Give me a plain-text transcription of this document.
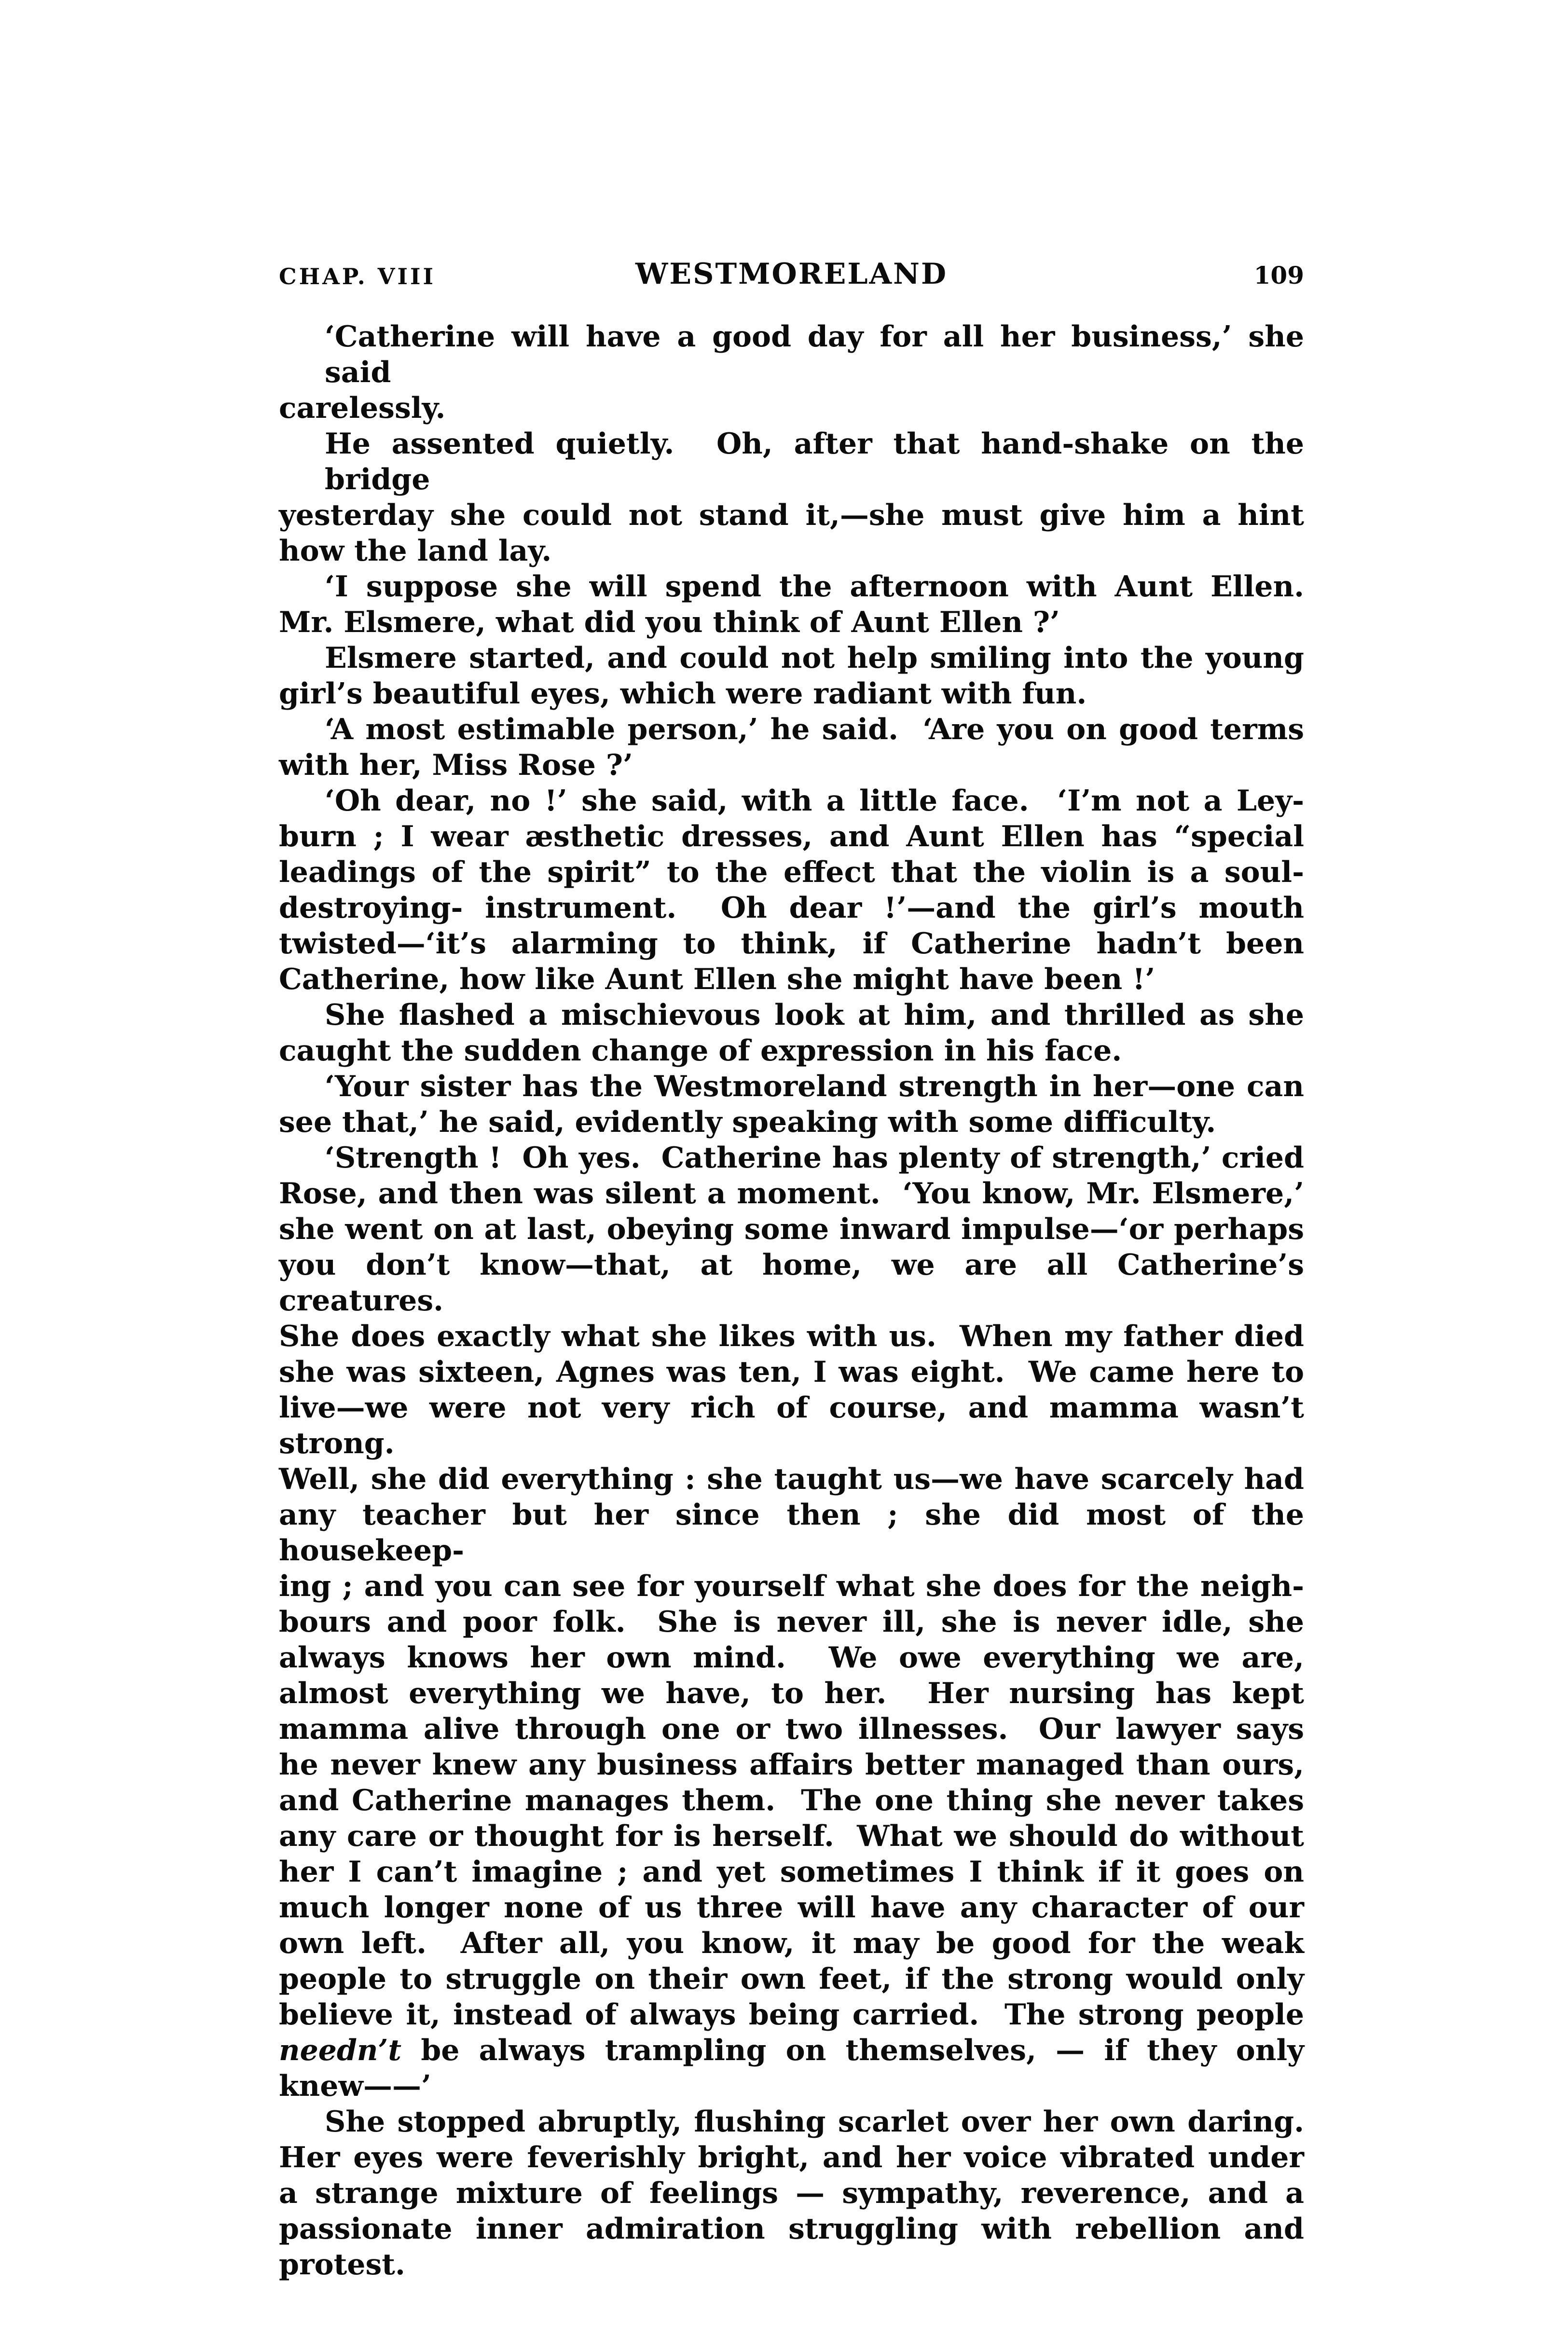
CHAP. VIII	WESTMORELAND	109
‘Catherine will have a good day for all her business,’ she said
carelessly.
He assented quietly.  Oh, after that hand-shake on the bridge
yesterday she could not stand it,—she must give him a hint
how the land lay.
‘I suppose she will spend the afternoon with Aunt Ellen.
Mr. Elsmere, what did you think of Aunt Ellen ?’
Elsmere started, and could not help smiling into the young
girl’s beautiful eyes, which were radiant with fun.
‘A most estimable person,’ he said.  ‘Are you on good terms
with her, Miss Rose ?’
‘Oh dear, no !’ she said, with a little face.  ‘I’m not a Ley-
burn ; I wear æsthetic dresses, and Aunt Ellen has “special
leadings of the spirit” to the effect that the violin is a soul-
destroying- instrument.  Oh dear !’—and the girl’s mouth
twisted—‘it’s alarming to think, if Catherine hadn’t been
Catherine, how like Aunt Ellen she might have been !’
She flashed a mischievous look at him, and thrilled as she
caught the sudden change of expression in his face.
‘Your sister has the Westmoreland strength in her—one can
see that,’ he said, evidently speaking with some difficulty.
‘Strength !  Oh yes.  Catherine has plenty of strength,’ cried
Rose, and then was silent a moment.  ‘You know, Mr. Elsmere,’
she went on at last, obeying some inward impulse—‘or perhaps
you don’t know—that, at home, we are all Catherine’s creatures.
She does exactly what she likes with us.  When my father died
she was sixteen, Agnes was ten, I was eight.  We came here to
live—we were not very rich of course, and mamma wasn’t strong.
Well, she did everything : she taught us—we have scarcely had
any teacher but her since then ; she did most of the housekeep-
ing ; and you can see for yourself what she does for the neigh-
bours and poor folk.  She is never ill, she is never idle, she
always knows her own mind.  We owe everything we are,
almost everything we have, to her.  Her nursing has kept
mamma alive through one or two illnesses.  Our lawyer says
he never knew any business affairs better managed than ours,
and Catherine manages them.  The one thing she never takes
any care or thought for is herself.  What we should do without
her I can’t imagine ; and yet sometimes I think if it goes on
much longer none of us three will have any character of our
own left.  After all, you know, it may be good for the weak
people to struggle on their own feet, if the strong would only
believe it, instead of always being carried.  The strong people
needn’t be always trampling on themselves, — if they only
knew——’
She stopped abruptly, flushing scarlet over her own daring.
Her eyes were feverishly bright, and her voice vibrated under
a strange mixture of feelings — sympathy, reverence, and a
passionate inner admiration struggling with rebellion and
protest.
